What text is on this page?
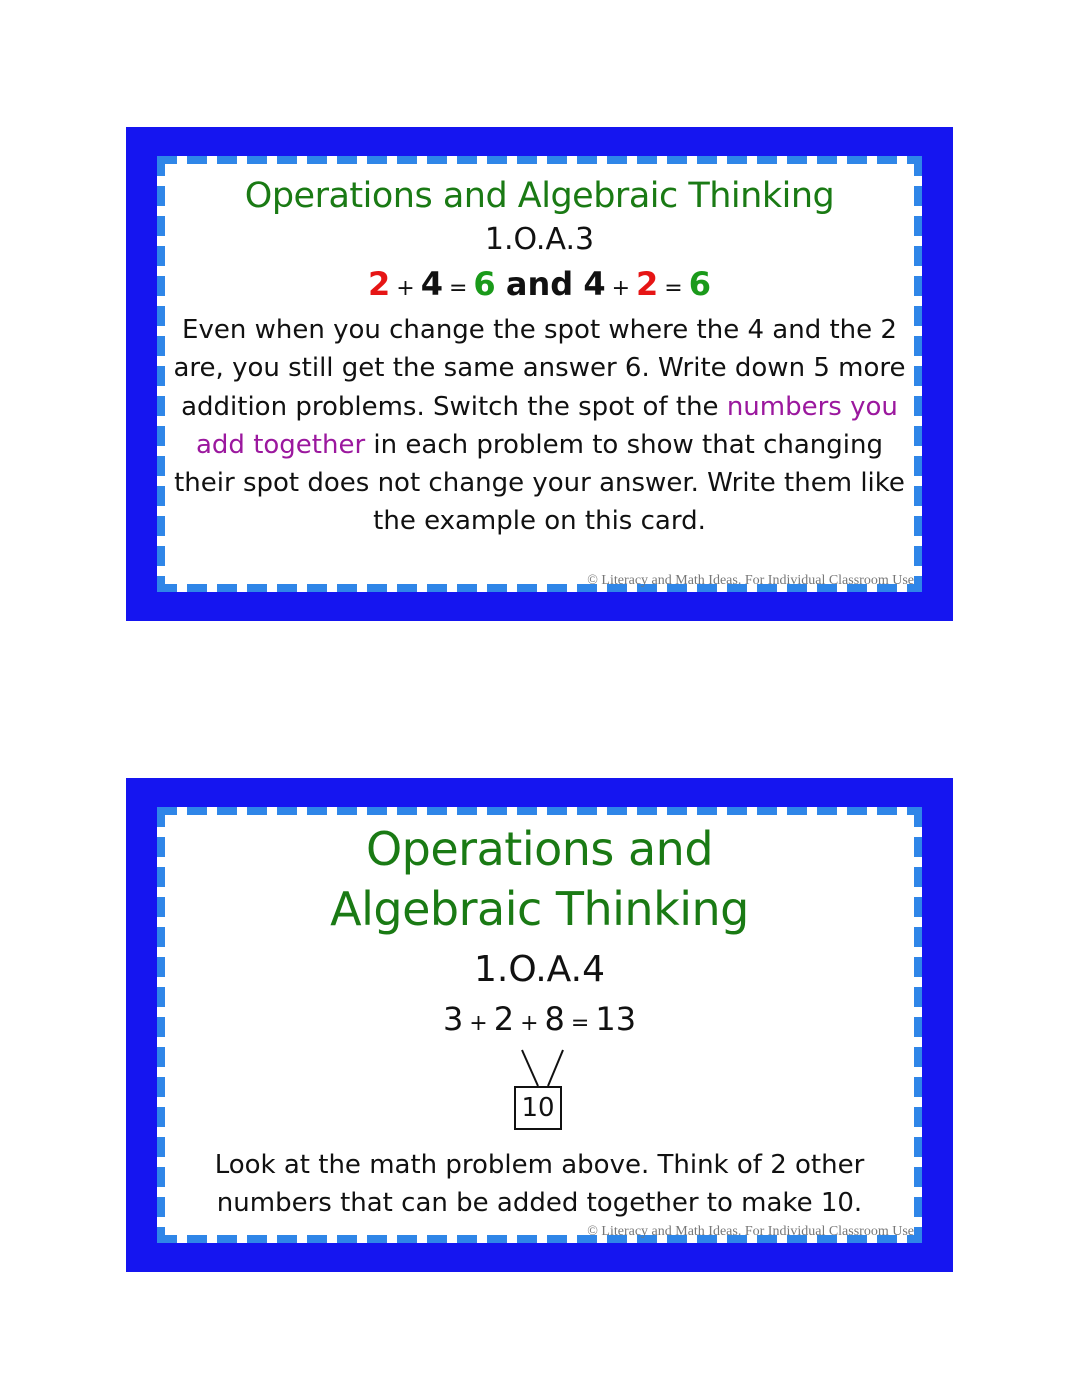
Operations and Algebraic Thinking

1.O.A.3

2 + 4 = 6 and 4 + 2 = 6

Even when you change the spot where the 4 and the 2 are, you still get the same answer 6. Write down 5 more addition problems. Switch the spot of the numbers you add together in each problem to show that changing their spot does not change your answer. Write them like the example on this card.

© Literacy and Math Ideas. For Individual Classroom Use

Operations and
Algebraic Thinking

1.O.A.4

3 + 2 + 8 = 13

10

Look at the math problem above. Think of 2 other numbers that can be added together to make 10.

© Literacy and Math Ideas. For Individual Classroom Use
